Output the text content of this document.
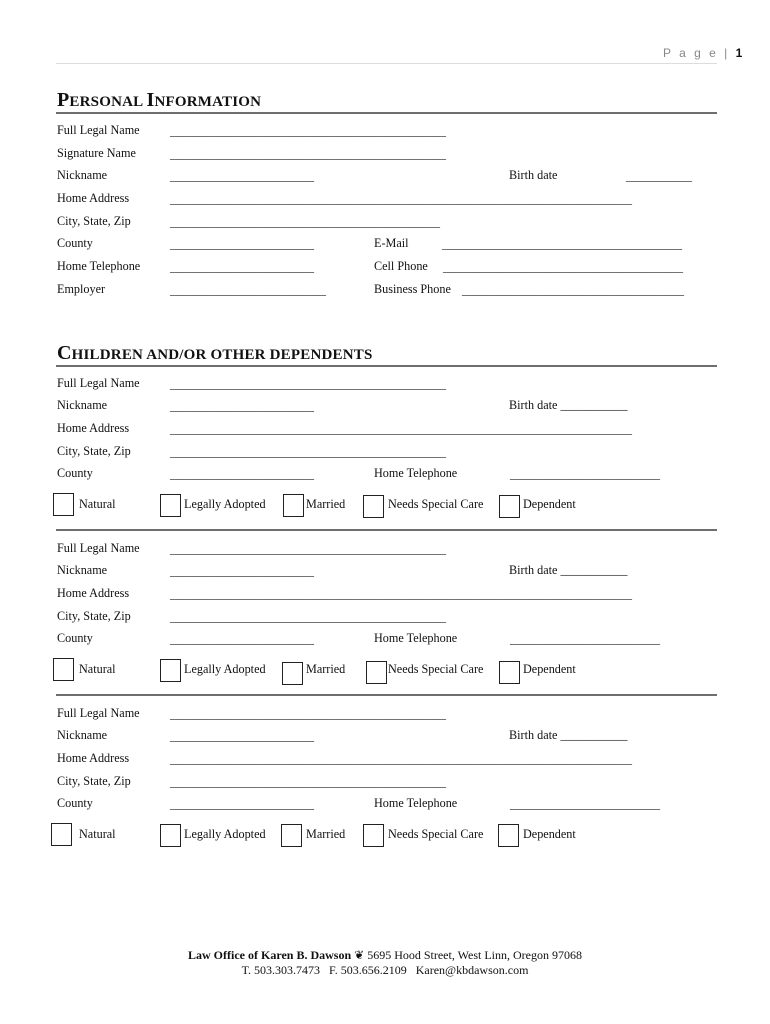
P a g e | 1
PERSONAL INFORMATION
Full Legal Name	______________________________________________
Signature Name	______________________________________________
Nickname	________________________	Birth date	___________
Home Address	_____________________________________________________________________________
City, State, Zip	_____________________________________________
County	________________________	E-Mail	________________________________________
Home Telephone ________________________	Cell Phone ________________________________________
Employer	__________________________	Business Phone _____________________________________
CHILDREN AND/OR OTHER DEPENDENTS
Full Legal Name	______________________________________________
Nickname	________________________	Birth date ___________
Home Address	_____________________________________________________________________________
City, State, Zip	______________________________________________
County	________________________	Home Telephone	_________________________
Natural	Legally Adopted	Married	Needs Special Care	Dependent
Full Legal Name	______________________________________________
Nickname	________________________	Birth date ___________
Home Address	_____________________________________________________________________________
City, State, Zip	______________________________________________
County	________________________	Home Telephone	_________________________
Natural	Legally Adopted	Married	Needs Special Care	Dependent
Full Legal Name	______________________________________________
Nickname	________________________	Birth date ___________
Home Address	_____________________________________________________________________________
City, State, Zip	______________________________________________
County	________________________	Home Telephone	_________________________
Natural	Legally Adopted	Married	Needs Special Care	Dependent
Law Office of Karen B. Dawson ❦ 5695 Hood Street, West Linn, Oregon 97068
T. 503.303.7473   F. 503.656.2109   Karen@kbdawson.com
